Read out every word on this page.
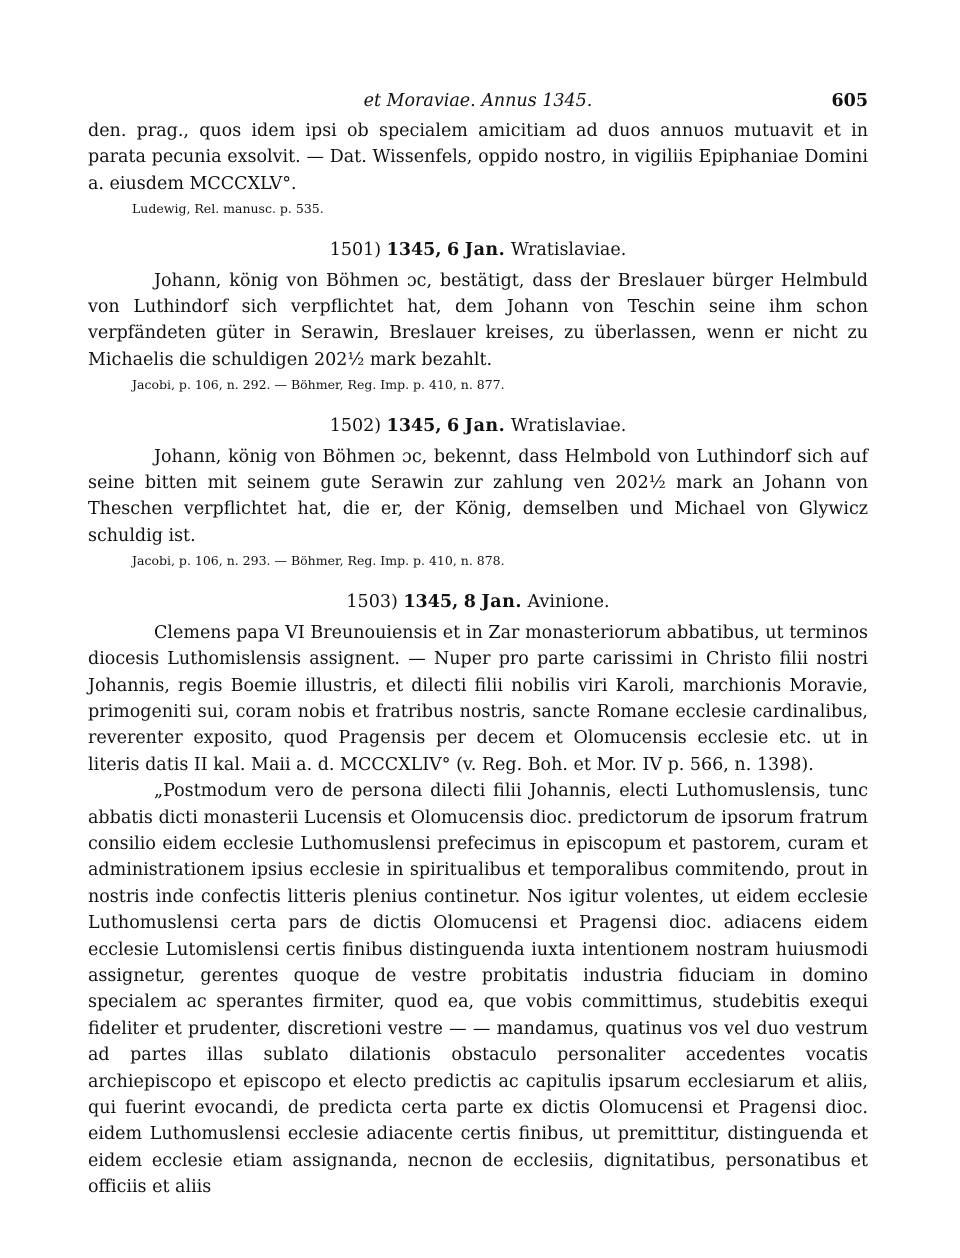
et Moraviae. Annus 1345.	605

den. prag., quos idem ipsi ob specialem amicitiam ad duos annuos mutuavit et in parata pecunia exsolvit. — Dat. Wissenfels, oppido nostro, in vigiliis Epiphaniae Domini a. eiusdem MCCCXLV°.

Ludewig, Rel. manusc. p. 535.

1501) 1345, 6 Jan. Wratislaviae.

Johann, könig von Böhmen ɔc, bestätigt, dass der Breslauer bürger Helmbuld von Luthindorf sich verpflichtet hat, dem Johann von Teschin seine ihm schon verpfändeten güter in Serawin, Breslauer kreises, zu überlassen, wenn er nicht zu Michaelis die schuldigen 202½ mark bezahlt.

Jacobi, p. 106, n. 292. — Böhmer, Reg. Imp. p. 410, n. 877.

1502) 1345, 6 Jan. Wratislaviae.

Johann, könig von Böhmen ɔc, bekennt, dass Helmbold von Luthindorf sich auf seine bitten mit seinem gute Serawin zur zahlung ven 202½ mark an Johann von Theschen verpflichtet hat, die er, der König, demselben und Michael von Glywicz schuldig ist.

Jacobi, p. 106, n. 293. — Böhmer, Reg. Imp. p. 410, n. 878.

1503) 1345, 8 Jan. Avinione.

Clemens papa VI Breunouiensis et in Zar monasteriorum abbatibus, ut terminos diocesis Luthomislensis assignent. — Nuper pro parte carissimi in Christo filii nostri Johannis, regis Boemie illustris, et dilecti filii nobilis viri Karoli, marchionis Moravie, primogeniti sui, coram nobis et fratribus nostris, sancte Romane ecclesie cardinalibus, reverenter exposito, quod Pragensis per decem et Olomucensis ecclesie etc. ut in literis datis II kal. Maii a. d. MCCCXLIV° (v. Reg. Boh. et Mor. IV p. 566, n. 1398).

„Postmodum vero de persona dilecti filii Johannis, electi Luthomuslensis, tunc abbatis dicti monasterii Lucensis et Olomucensis dioc. predictorum de ipsorum fratrum consilio eidem ecclesie Luthomuslensi prefecimus in episcopum et pastorem, curam et administrationem ipsius ecclesie in spiritualibus et temporalibus commitendo, prout in nostris inde confectis litteris plenius continetur. Nos igitur volentes, ut eidem ecclesie Luthomuslensi certa pars de dictis Olomucensi et Pragensi dioc. adiacens eidem ecclesie Lutomislensi certis finibus distinguenda iuxta intentionem nostram huiusmodi assignetur, gerentes quoque de vestre probitatis industria fiduciam in domino specialem ac sperantes firmiter, quod ea, que vobis committimus, studebitis exequi fideliter et prudenter, discretioni vestre — — mandamus, quatinus vos vel duo vestrum ad partes illas sublato dilationis obstaculo personaliter accedentes vocatis archiepiscopo et episcopo et electo predictis ac capitulis ipsarum ecclesiarum et aliis, qui fuerint evocandi, de predicta certa parte ex dictis Olomucensi et Pragensi dioc. eidem Luthomuslensi ecclesie adiacente certis finibus, ut premittitur, distinguenda et eidem ecclesie etiam assignanda, necnon de ecclesiis, dignitatibus, personatibus et officiis et aliis
